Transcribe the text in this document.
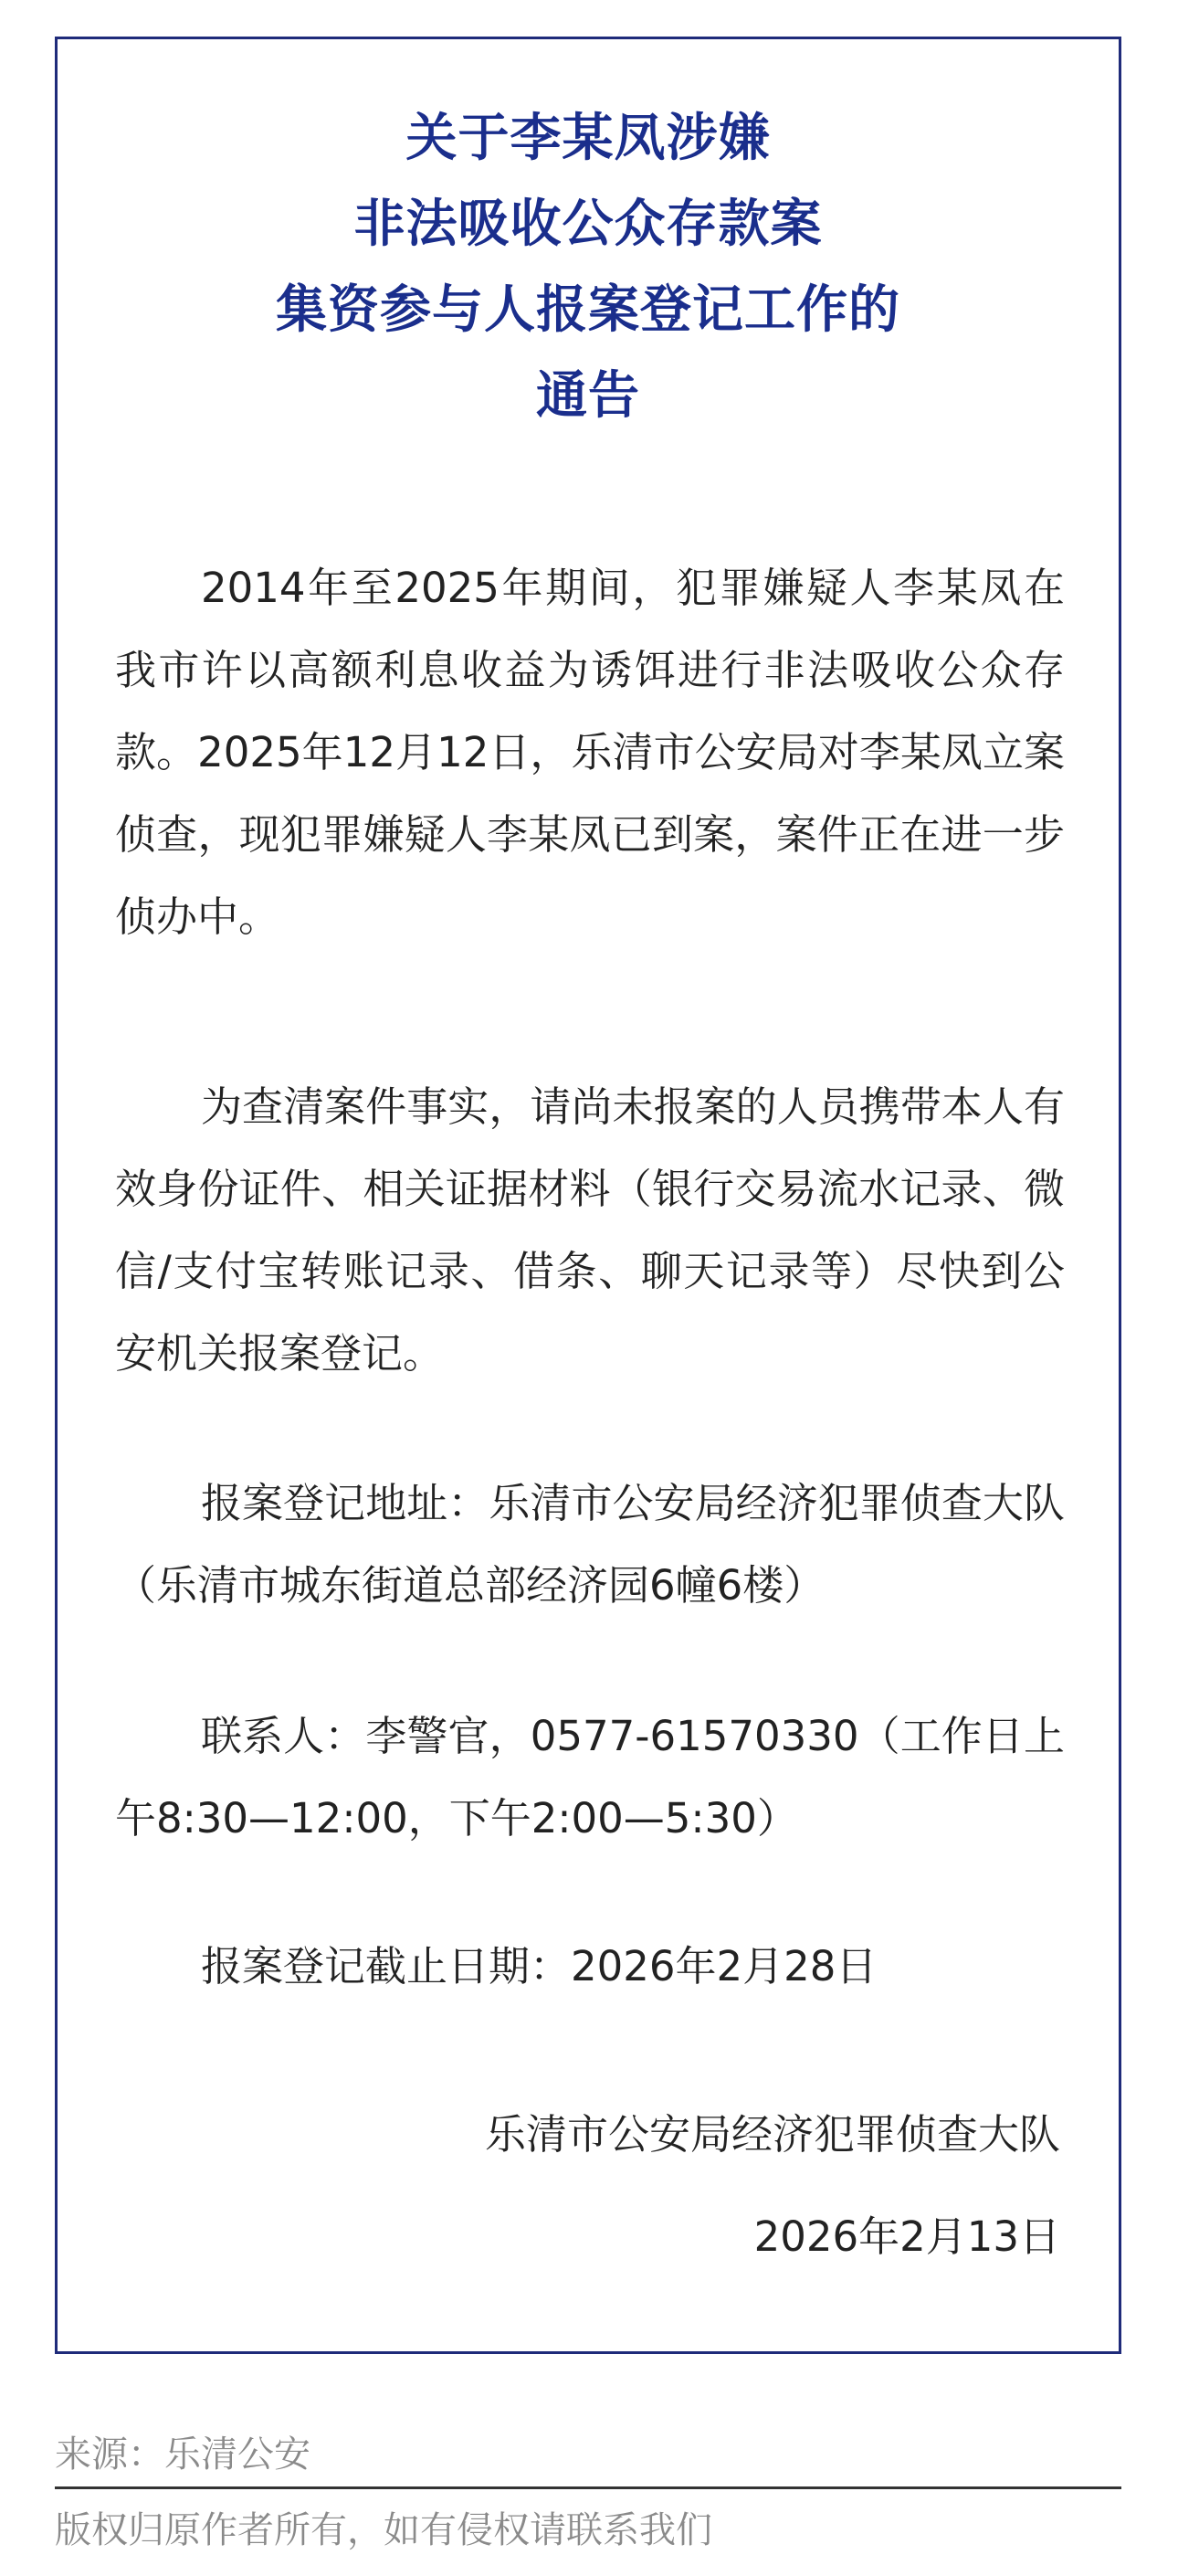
关于李某凤涉嫌
非法吸收公众存款案
集资参与人报案登记工作的
通告

2014年至2025年期间，犯罪嫌疑人李某凤在我市许以高额利息收益为诱饵进行非法吸收公众存款。2025年12月12日，乐清市公安局对李某凤立案侦查，现犯罪嫌疑人李某凤已到案，案件正在进一步侦办中。

为查清案件事实，请尚未报案的人员携带本人有效身份证件、相关证据材料（银行交易流水记录、微信/支付宝转账记录、借条、聊天记录等）尽快到公安机关报案登记。

报案登记地址：乐清市公安局经济犯罪侦查大队（乐清市城东街道总部经济园6幢6楼）

联系人：李警官，0577-61570330（工作日上午8:30—12:00，下午2:00—5:30）

报案登记截止日期：2026年2月28日

乐清市公安局经济犯罪侦查大队
2026年2月13日
来源：乐清公安
版权归原作者所有，如有侵权请联系我们
